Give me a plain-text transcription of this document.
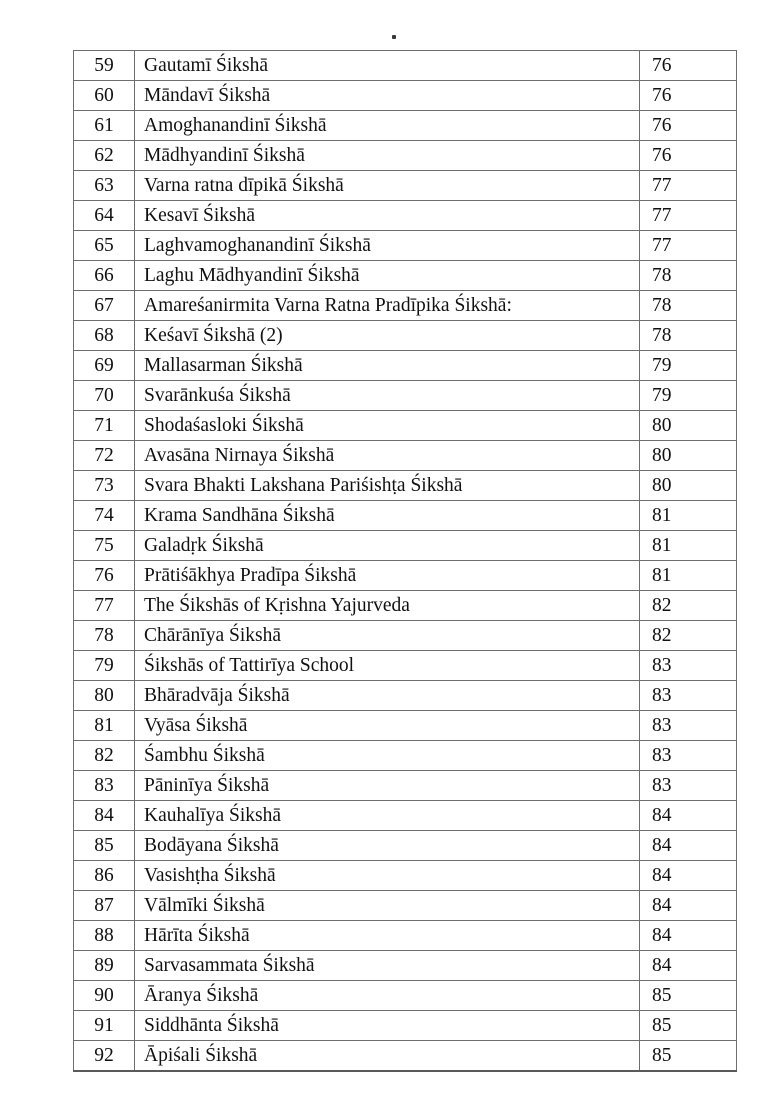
59	Gautamī Śikshā	76
60	Māndavī Śikshā	76
61	Amoghanandinī Śikshā	76
62	Mādhyandinī Śikshā	76
63	Varna ratna dīpikā Śikshā	77
64	Kesavī Śikshā	77
65	Laghvamoghanandinī Śikshā	77
66	Laghu Mādhyandinī Śikshā	78
67	Amareśanirmita Varna Ratna Pradīpika Śikshā:	78
68	Keśavī Śikshā (2)	78
69	Mallasarman Śikshā	79
70	Svarānkuśa Śikshā	79
71	Shodaśasloki Śikshā	80
72	Avasāna Nirnaya Śikshā	80
73	Svara Bhakti Lakshana Pariśishṭa Śikshā	80
74	Krama Sandhāna Śikshā	81
75	Galadṛk Śikshā	81
76	Prātiśākhya Pradīpa Śikshā	81
77	The Śikshās of Kṛishna Yajurveda	82
78	Chārānīya Śikshā	82
79	Śikshās of Tattirīya School	83
80	Bhāradvāja Śikshā	83
81	Vyāsa Śikshā	83
82	Śambhu Śikshā	83
83	Pāninīya Śikshā	83
84	Kauhalīya Śikshā	84
85	Bodāyana Śikshā	84
86	Vasishṭha Śikshā	84
87	Vālmīki Śikshā	84
88	Hārīta Śikshā	84
89	Sarvasammata Śikshā	84
90	Āranya Śikshā	85
91	Siddhānta Śikshā	85
92	Āpiśali Śikshā	85
